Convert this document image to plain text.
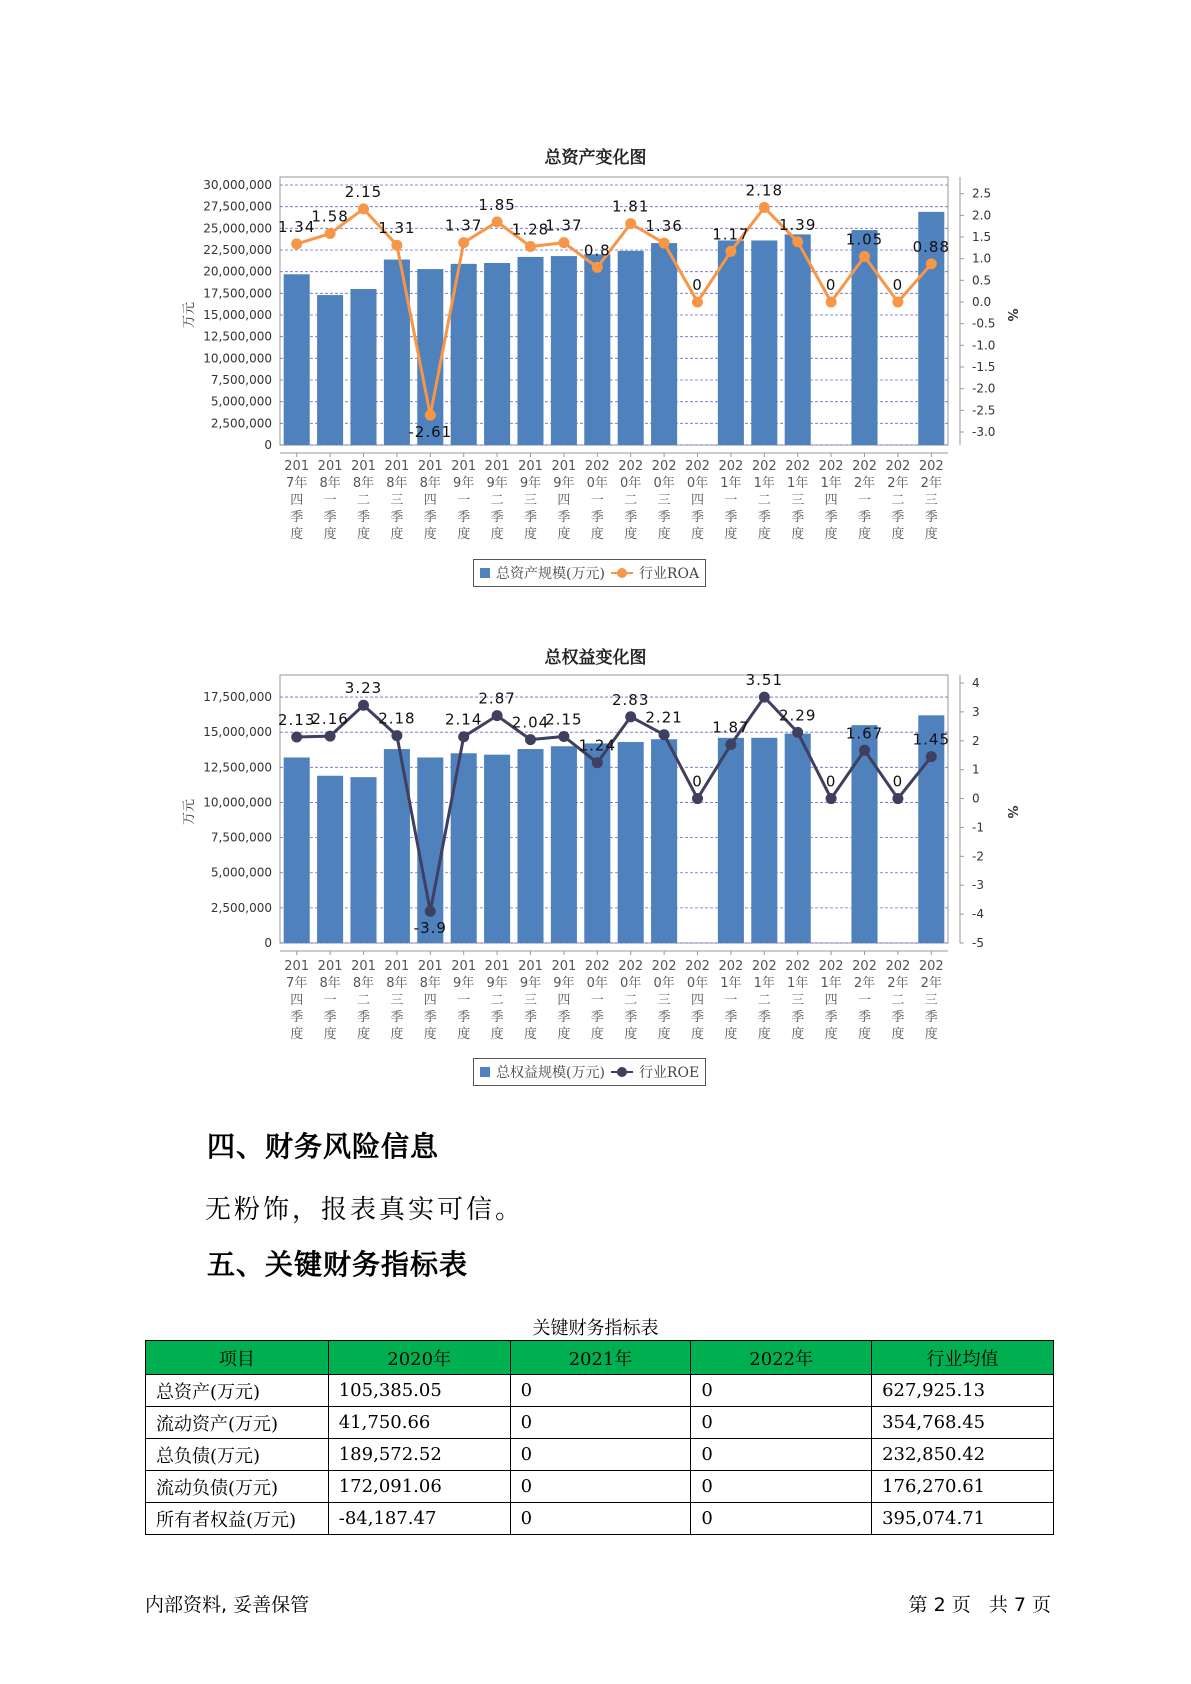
总资产变化图
0
2,500,000
5,000,000
7,500,000
10,000,000
12,500,000
15,000,000
17,500,000
20,000,000
22,500,000
25,000,000
27,500,000
30,000,000
2.5
2.0
1.5
1.0
0.5
0.0
-0.5
-1.0
-1.5
-2.0
-2.5
-3.0
万元	%
201
7年
四
季
度
201
8年
一
季
度
201
8年
二
季
度
201
8年
三
季
度
201
8年
四
季
度
201
9年
一
季
度
201
9年
二
季
度
201
9年
三
季
度
201
9年
四
季
度
202
0年
一
季
度
202
0年
二
季
度
202
0年
三
季
度
202
0年
四
季
度
202
1年
一
季
度
202
1年
二
季
度
202
1年
三
季
度
202
1年
四
季
度
202
2年
一
季
度
202
2年
二
季
度
202
2年
三
季
度
1.34
1.58
2.15
1.31
-2.61
1.37
1.85
1.28
1.37
0.8
1.81
1.36
0
1.17
2.18
1.39
0
1.05
0
0.88
总资产规模(万元) 行业ROA
总权益变化图
0
2,500,000
5,000,000
7,500,000
10,000,000
12,500,000
15,000,000
17,500,000
4
3
2
1
0
-1
-2
-3
-4
-5
万元	%
201
7年
四
季
度
201
8年
一
季
度
201
8年
二
季
度
201
8年
三
季
度
201
8年
四
季
度
201
9年
一
季
度
201
9年
二
季
度
201
9年
三
季
度
201
9年
四
季
度
202
0年
一
季
度
202
0年
二
季
度
202
0年
三
季
度
202
0年
四
季
度
202
1年
一
季
度
202
1年
二
季
度
202
1年
三
季
度
202
1年
四
季
度
202
2年
一
季
度
202
2年
二
季
度
202
2年
三
季
度
2.13
2.16
3.23
2.18
-3.9
2.14
2.87
2.04
2.15
1.24
2.83
2.21
0
1.87
3.51
2.29
0
1.67
0
1.45
总权益规模(万元) 行业ROE
四、财务风险信息
无粉饰，报表真实可信。
五、关键财务指标表
关键财务指标表
项目	2020年	2021年	2022年	行业均值
总资产(万元)	105,385.05	0	0	627,925.13
流动资产(万元)	41,750.66	0	0	354,768.45
总负债(万元)	189,572.52	0	0	232,850.42
流动负债(万元)	172,091.06	0	0	176,270.61
所有者权益(万元)	-84,187.47	0	0	395,074.71
内部资料, 妥善保管	第 2 页   共 7 页
